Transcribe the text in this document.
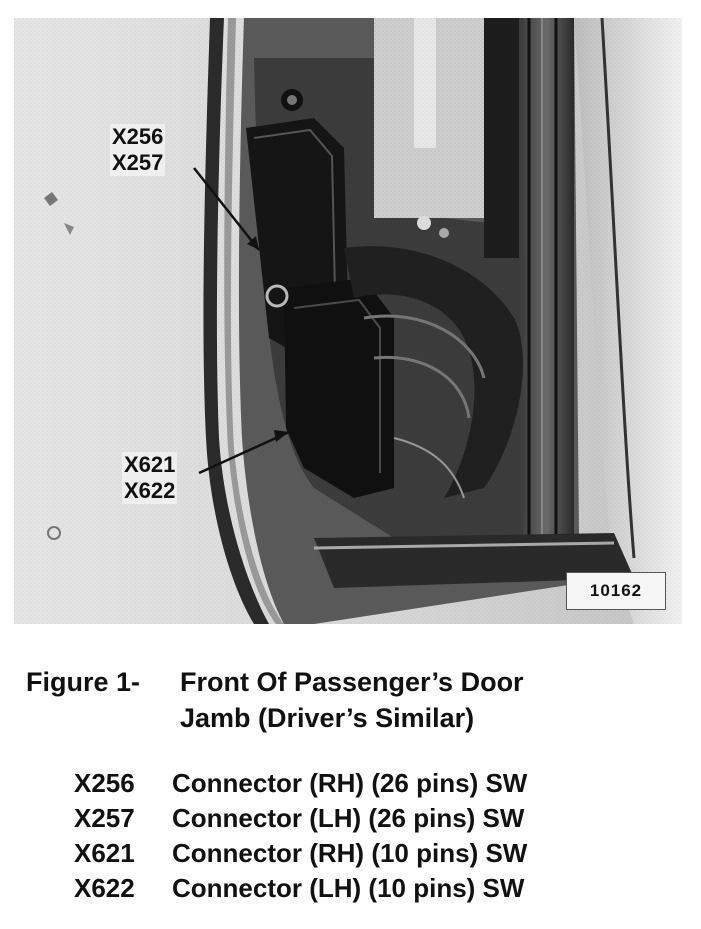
X256
X257
X621
X622
10162
Figure 1- Front Of Passenger’s Door
Jamb (Driver’s Similar)
X256 Connector (RH) (26 pins) SW
X257 Connector (LH) (26 pins) SW
X621 Connector (RH) (10 pins) SW
X622 Connector (LH) (10 pins) SW
